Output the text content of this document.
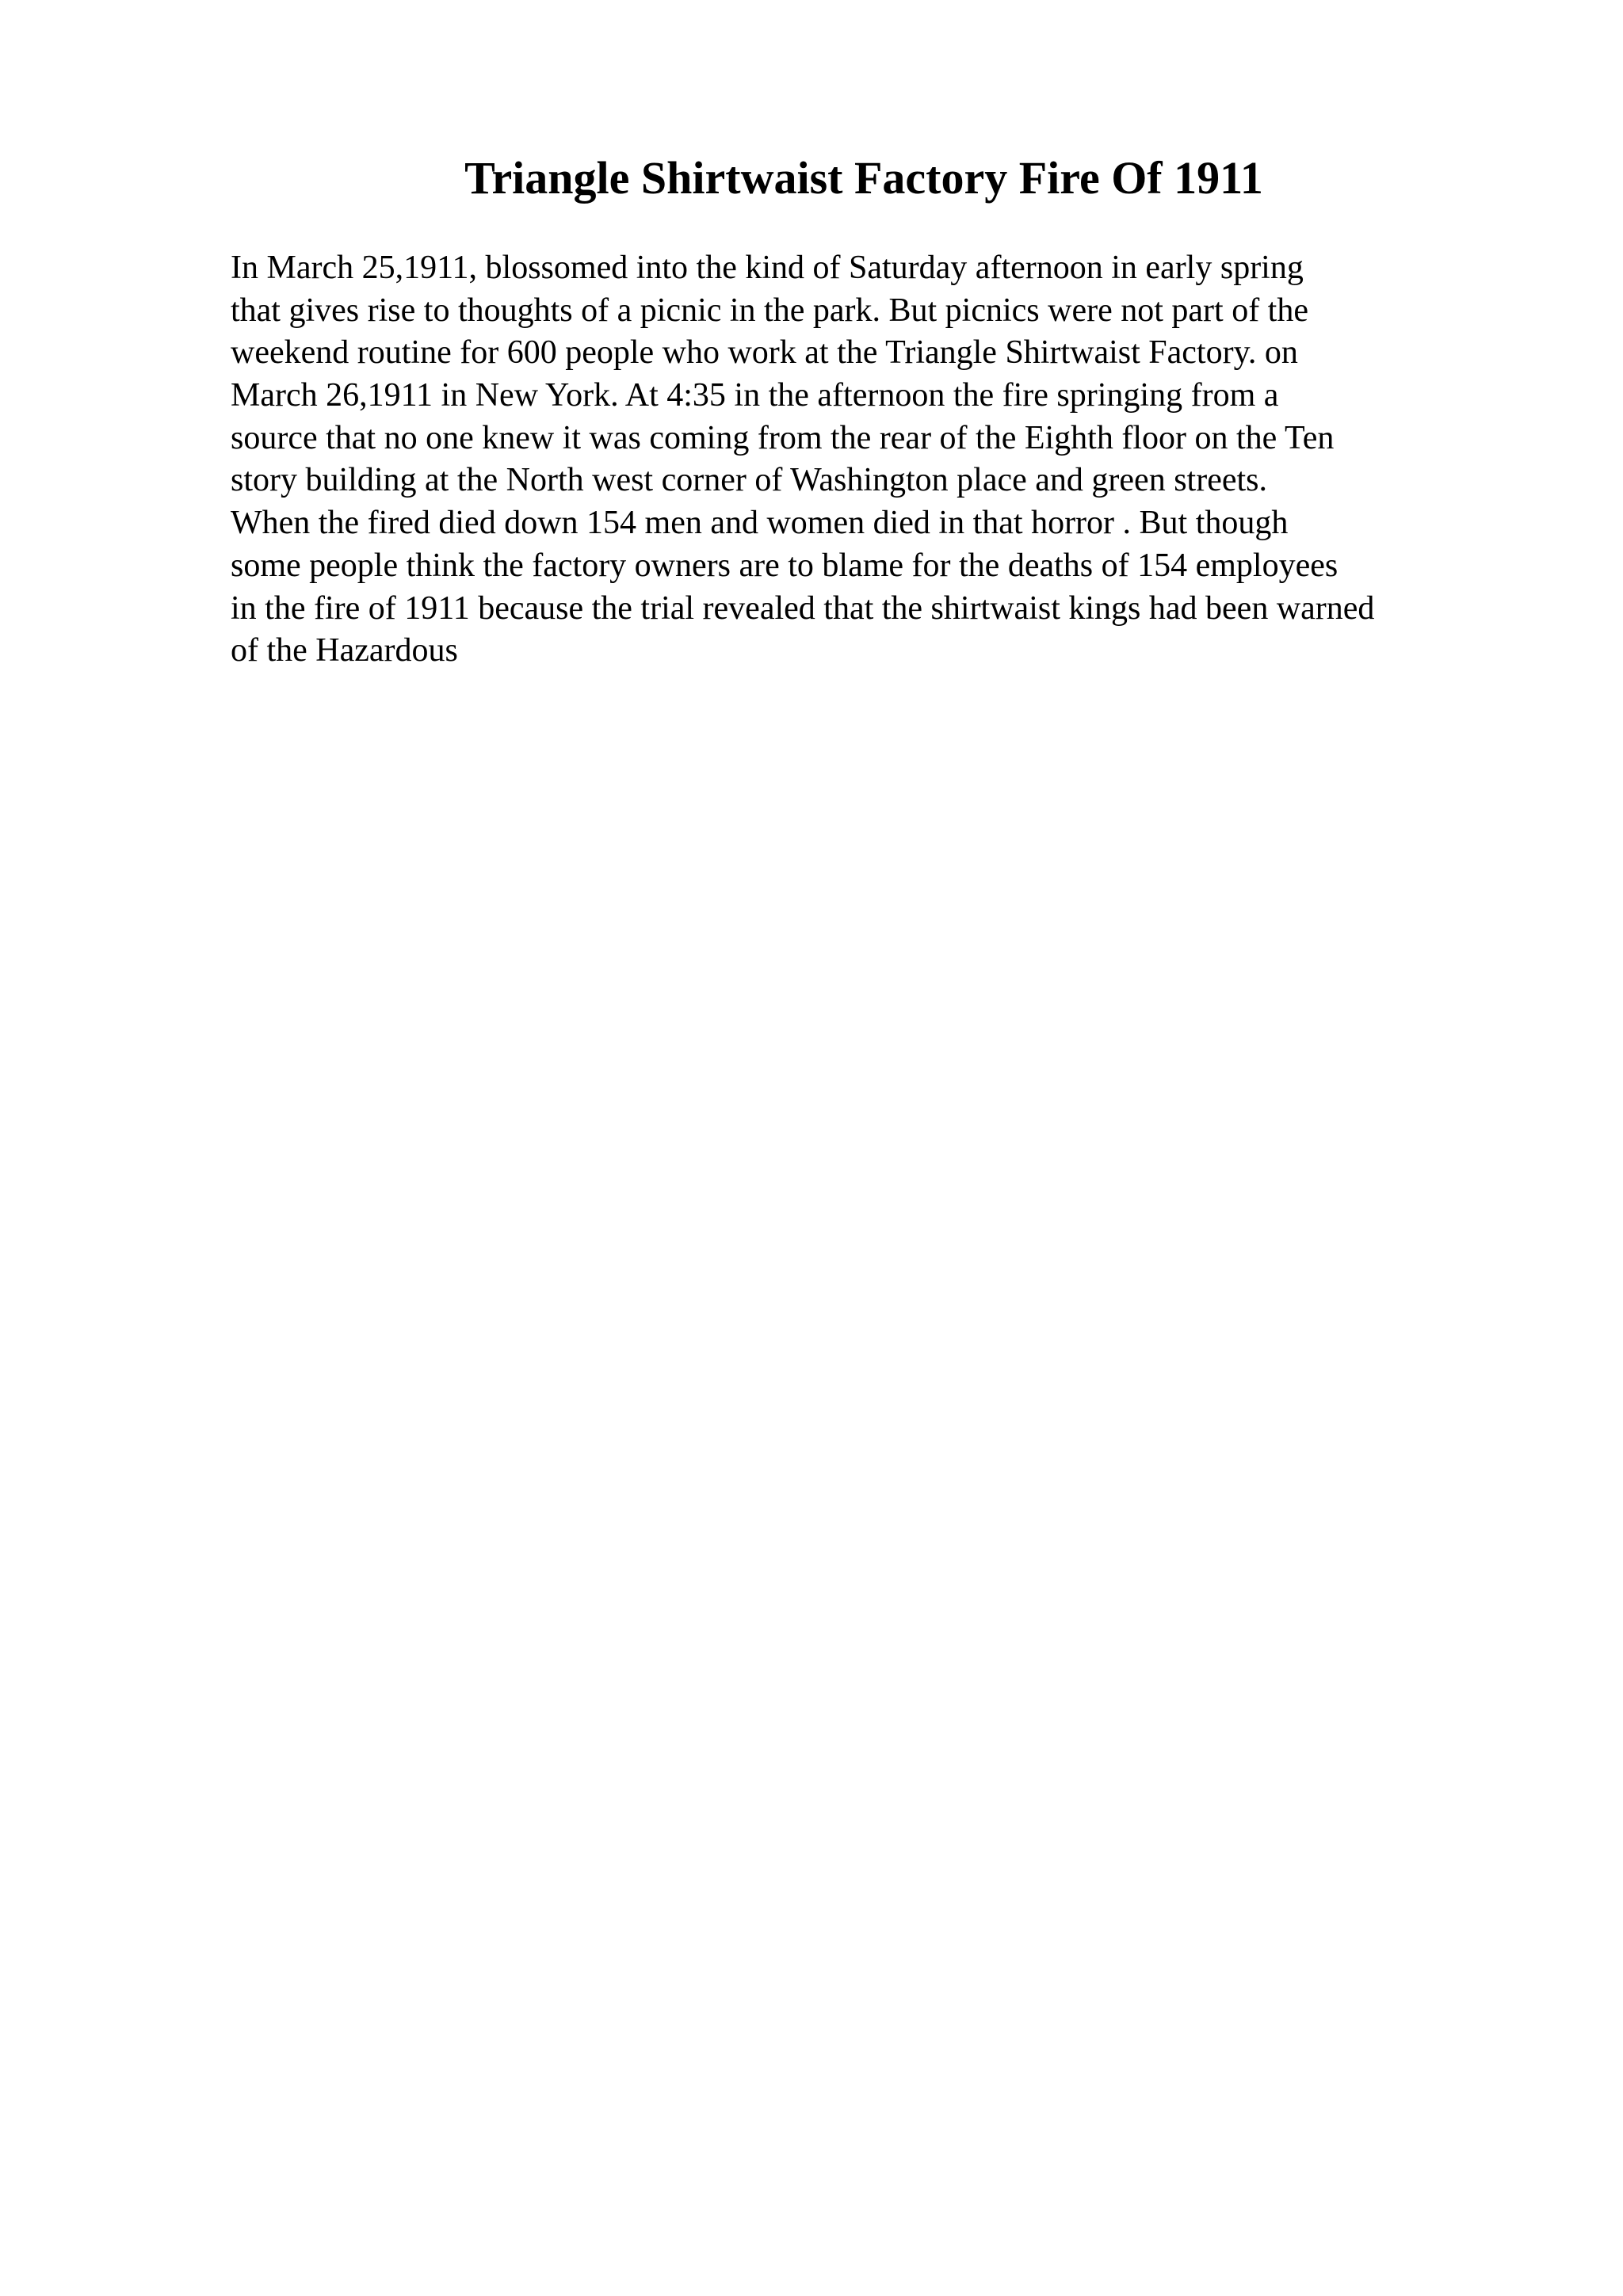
Triangle Shirtwaist Factory Fire Of 1911
In March 25,1911, blossomed into the kind of Saturday afternoon in early spring
that gives rise to thoughts of a picnic in the park. But picnics were not part of the
weekend routine for 600 people who work at the Triangle Shirtwaist Factory. on
March 26,1911 in New York. At 4:35 in the afternoon the fire springing from a
source that no one knew it was coming from the rear of the Eighth floor on the Ten
story building at the North west corner of Washington place and green streets.
When the fired died down 154 men and women died in that horror . But though
some people think the factory owners are to blame for the deaths of 154 employees
in the fire of 1911 because the trial revealed that the shirtwaist kings had been warned
of the Hazardous
